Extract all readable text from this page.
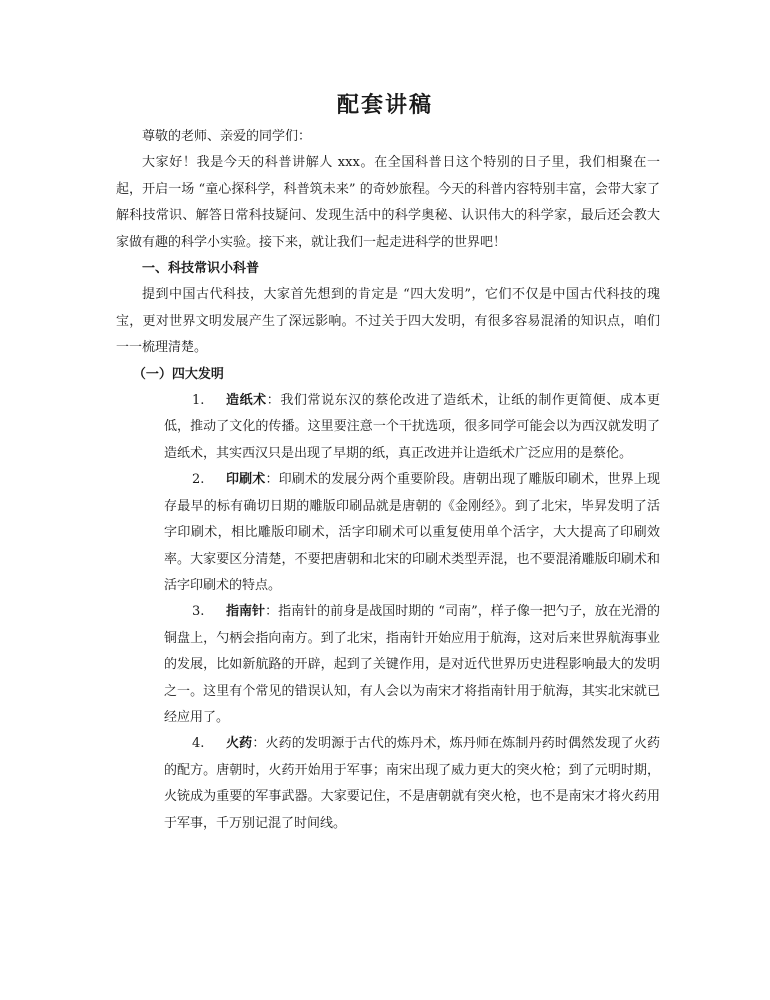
配套讲稿

尊敬的老师、亲爱的同学们：

大家好！我是今天的科普讲解人 xxx。在全国科普日这个特别的日子里，我们相聚在一起，开启一场 “童心探科学，科普筑未来” 的奇妙旅程。今天的科普内容特别丰富，会带大家了解科技常识、解答日常科技疑问、发现生活中的科学奥秘、认识伟大的科学家，最后还会教大家做有趣的科学小实验。接下来，就让我们一起走进科学的世界吧！

一、科技常识小科普

提到中国古代科技，大家首先想到的肯定是 “四大发明”，它们不仅是中国古代科技的瑰宝，更对世界文明发展产生了深远影响。不过关于四大发明，有很多容易混淆的知识点，咱们一一梳理清楚。

（一）四大发明

1.	造纸术：我们常说东汉的蔡伦改进了造纸术，让纸的制作更简便、成本更低，推动了文化的传播。这里要注意一个干扰选项，很多同学可能会以为西汉就发明了造纸术，其实西汉只是出现了早期的纸，真正改进并让造纸术广泛应用的是蔡伦。
2.	印刷术：印刷术的发展分两个重要阶段。唐朝出现了雕版印刷术，世界上现存最早的标有确切日期的雕版印刷品就是唐朝的《金刚经》。到了北宋，毕昇发明了活字印刷术，相比雕版印刷术，活字印刷术可以重复使用单个活字，大大提高了印刷效率。大家要区分清楚，不要把唐朝和北宋的印刷术类型弄混，也不要混淆雕版印刷术和活字印刷术的特点。
3.	指南针：指南针的前身是战国时期的 “司南”，样子像一把勺子，放在光滑的铜盘上，勺柄会指向南方。到了北宋，指南针开始应用于航海，这对后来世界航海事业的发展，比如新航路的开辟，起到了关键作用，是对近代世界历史进程影响最大的发明之一。这里有个常见的错误认知，有人会以为南宋才将指南针用于航海，其实北宋就已经应用了。
4.	火药：火药的发明源于古代的炼丹术，炼丹师在炼制丹药时偶然发现了火药的配方。唐朝时，火药开始用于军事；南宋出现了威力更大的突火枪；到了元明时期，火铳成为重要的军事武器。大家要记住，不是唐朝就有突火枪，也不是南宋才将火药用于军事，千万别记混了时间线。
